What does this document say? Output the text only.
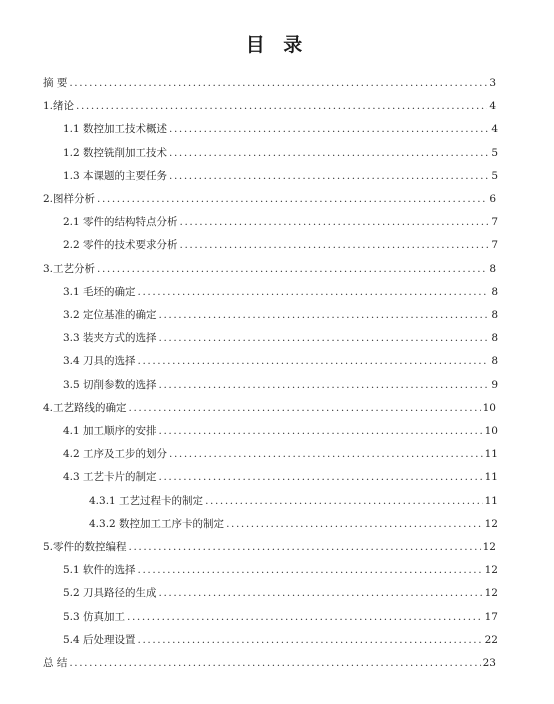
目 录
摘 要 .....	3
1.绪论 .....	4
1.1 数控加工技术概述 .....	4
1.2 数控铣削加工技术 .....	5
1.3 本课题的主要任务 .....	5
2.图样分析 .....	6
2.1 零件的结构特点分析 .....	7
2.2 零件的技术要求分析 .....	7
3.工艺分析 .....	8
3.1 毛坯的确定 .....	8
3.2 定位基准的确定 .....	8
3.3 装夹方式的选择 .....	8
3.4 刀具的选择 .....	8
3.5 切削参数的选择 .....	9
4.工艺路线的确定 .....	10
4.1 加工顺序的安排 .....	10
4.2 工序及工步的划分 .....	11
4.3 工艺卡片的制定 .....	11
4.3.1 工艺过程卡的制定 .....	11
4.3.2 数控加工工序卡的制定 .....	12
5.零件的数控编程 .....	12
5.1 软件的选择 .....	12
5.2 刀具路径的生成 .....	12
5.3 仿真加工 .....	17
5.4 后处理设置 .....	22
总 结 .....	23
